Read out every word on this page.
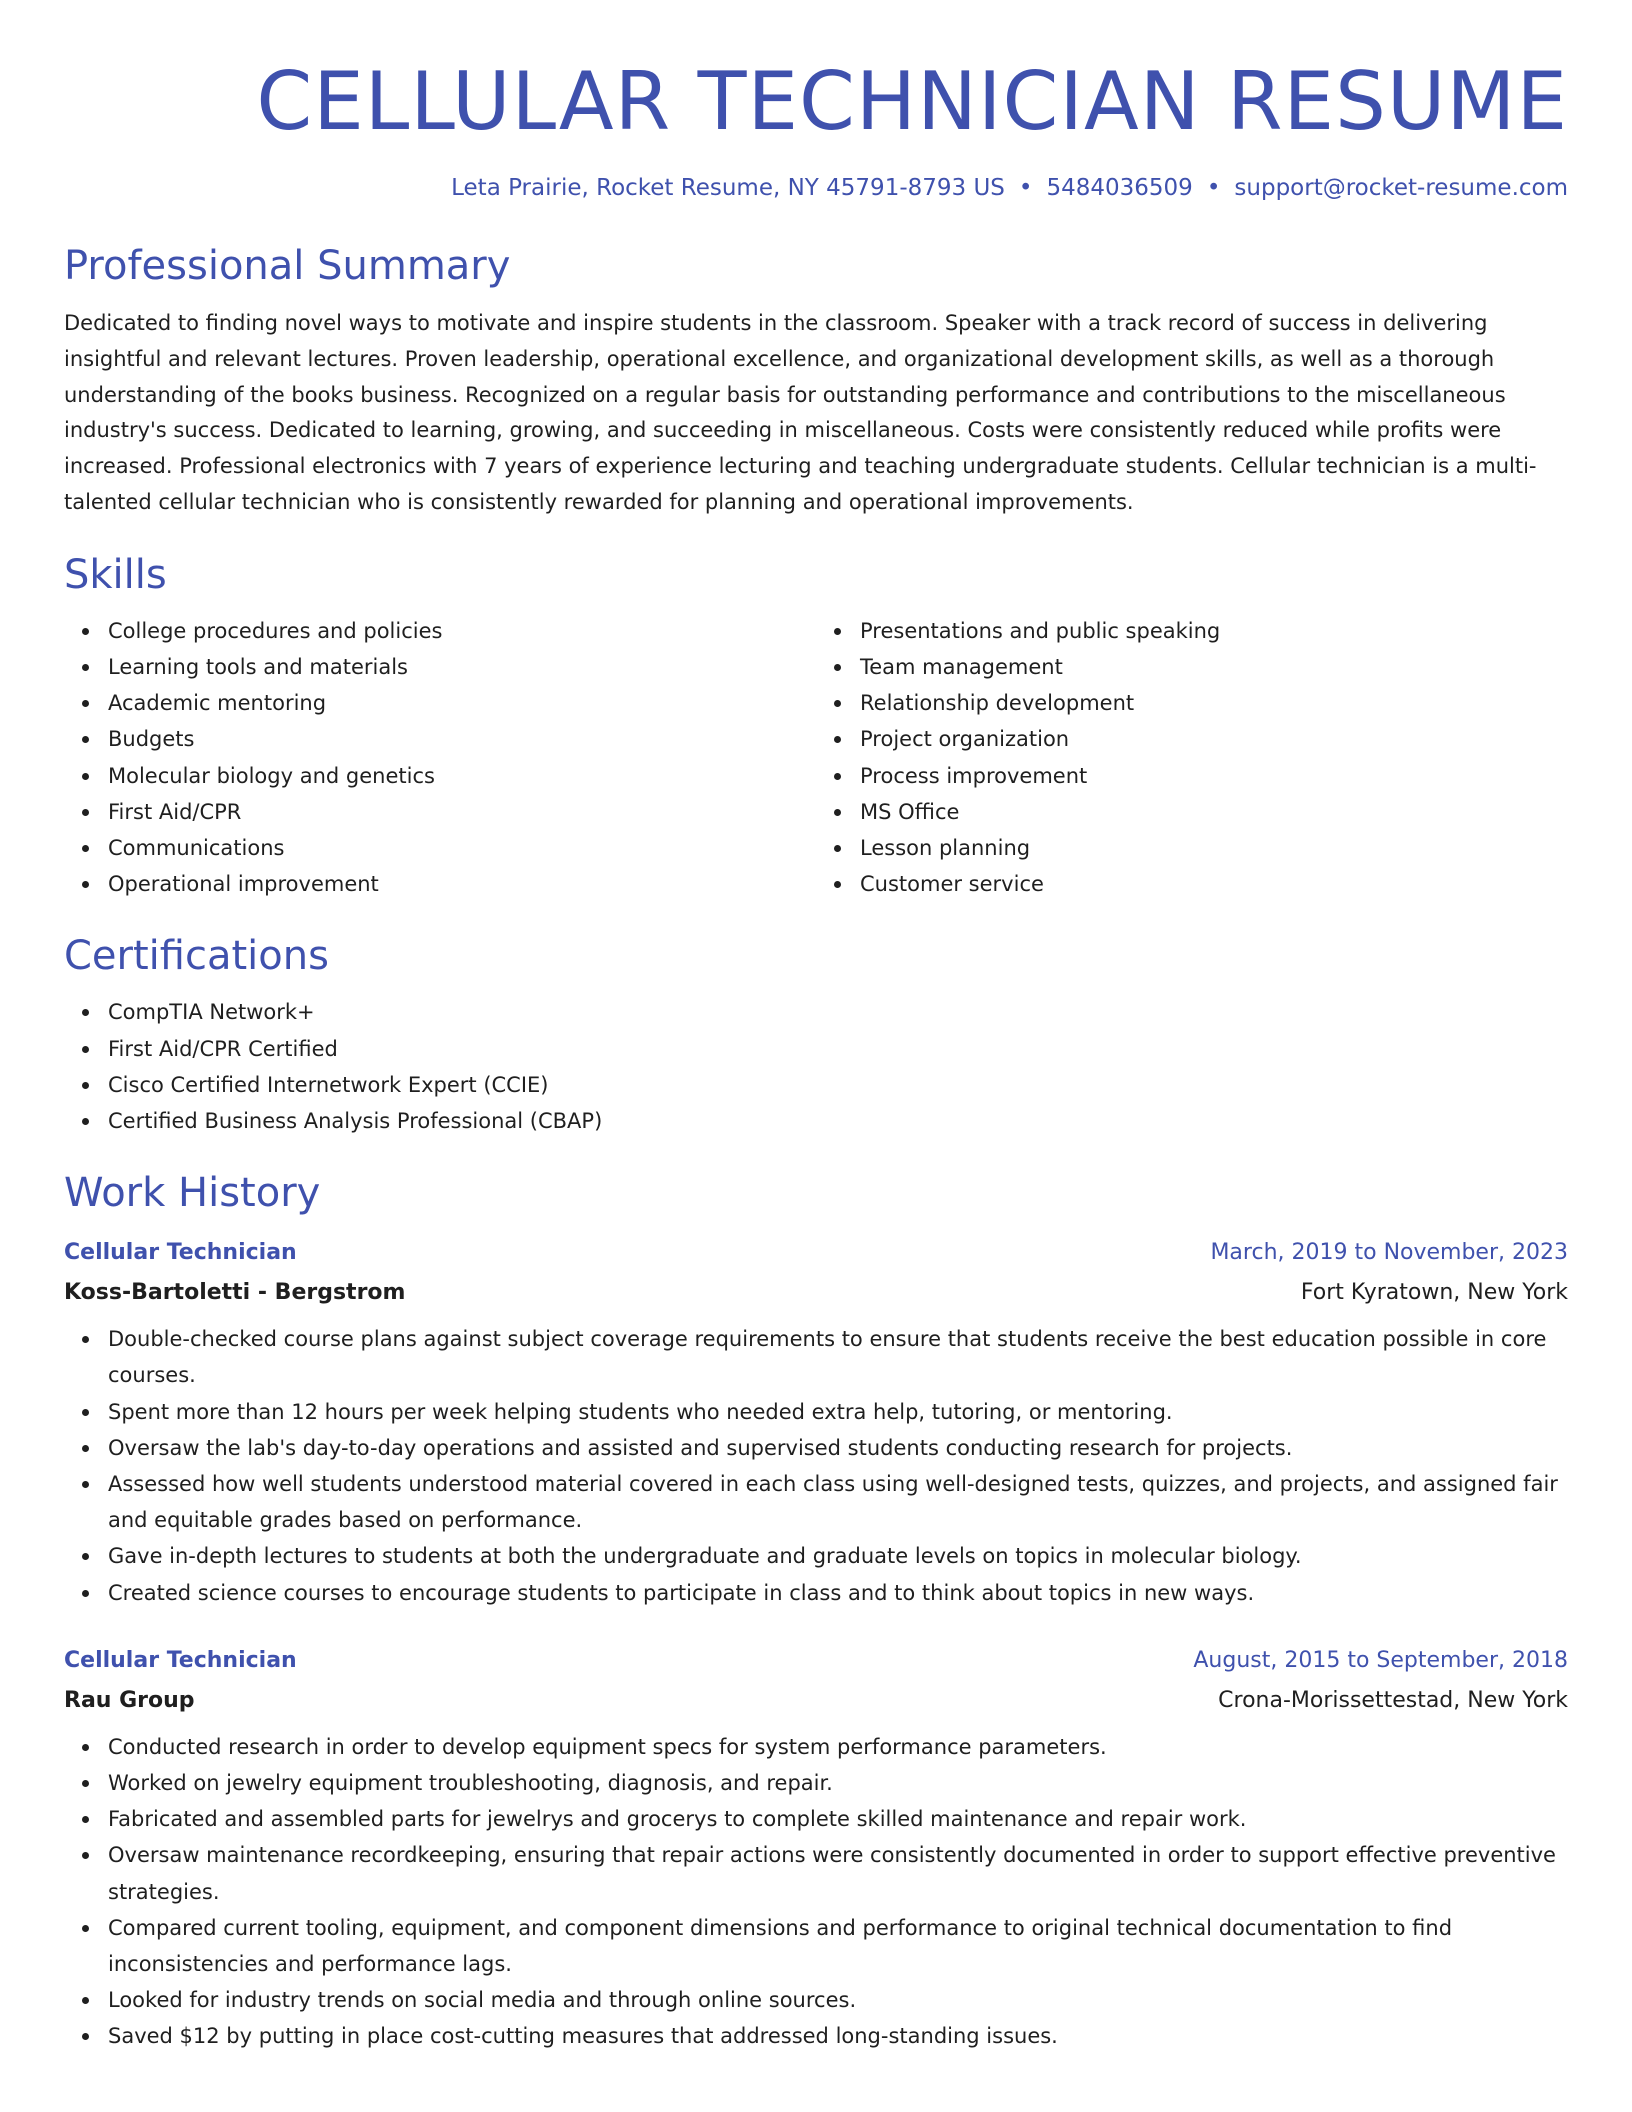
CELLULAR TECHNICIAN RESUME
Leta Prairie, Rocket Resume, NY 45791-8793 US • 5484036509 • support@rocket-resume.com
Professional Summary

Dedicated to finding novel ways to motivate and inspire students in the classroom. Speaker with a track record of success in delivering insightful and relevant lectures. Proven leadership, operational excellence, and organizational development skills, as well as a thorough understanding of the books business. Recognized on a regular basis for outstanding performance and contributions to the miscellaneous industry's success. Dedicated to learning, growing, and succeeding in miscellaneous. Costs were consistently reduced while profits were increased. Professional electronics with 7 years of experience lecturing and teaching undergraduate students. Cellular technician is a multi-talented cellular technician who is consistently rewarded for planning and operational improvements.

Skills
College procedures and policies
Learning tools and materials
Academic mentoring
Budgets
Molecular biology and genetics
First Aid/CPR
Communications
Operational improvement
Presentations and public speaking
Team management
Relationship development
Project organization
Process improvement
MS Office
Lesson planning
Customer service
Certifications
CompTIA Network+
First Aid/CPR Certified
Cisco Certified Internetwork Expert (CCIE)
Certified Business Analysis Professional (CBAP)
Work History
Cellular Technician	March, 2019 to November, 2023
Koss-Bartoletti - Bergstrom	Fort Kyratown, New York
Double-checked course plans against subject coverage requirements to ensure that students receive the best education possible in core courses.
Spent more than 12 hours per week helping students who needed extra help, tutoring, or mentoring.
Oversaw the lab's day-to-day operations and assisted and supervised students conducting research for projects.
Assessed how well students understood material covered in each class using well-designed tests, quizzes, and projects, and assigned fair and equitable grades based on performance.
Gave in-depth lectures to students at both the undergraduate and graduate levels on topics in molecular biology.
Created science courses to encourage students to participate in class and to think about topics in new ways.
Cellular Technician	August, 2015 to September, 2018
Rau Group	Crona-Morissettestad, New York
Conducted research in order to develop equipment specs for system performance parameters.
Worked on jewelry equipment troubleshooting, diagnosis, and repair.
Fabricated and assembled parts for jewelrys and grocerys to complete skilled maintenance and repair work.
Oversaw maintenance recordkeeping, ensuring that repair actions were consistently documented in order to support effective preventive strategies.
Compared current tooling, equipment, and component dimensions and performance to original technical documentation to find inconsistencies and performance lags.
Looked for industry trends on social media and through online sources.
Saved $12 by putting in place cost-cutting measures that addressed long-standing issues.
